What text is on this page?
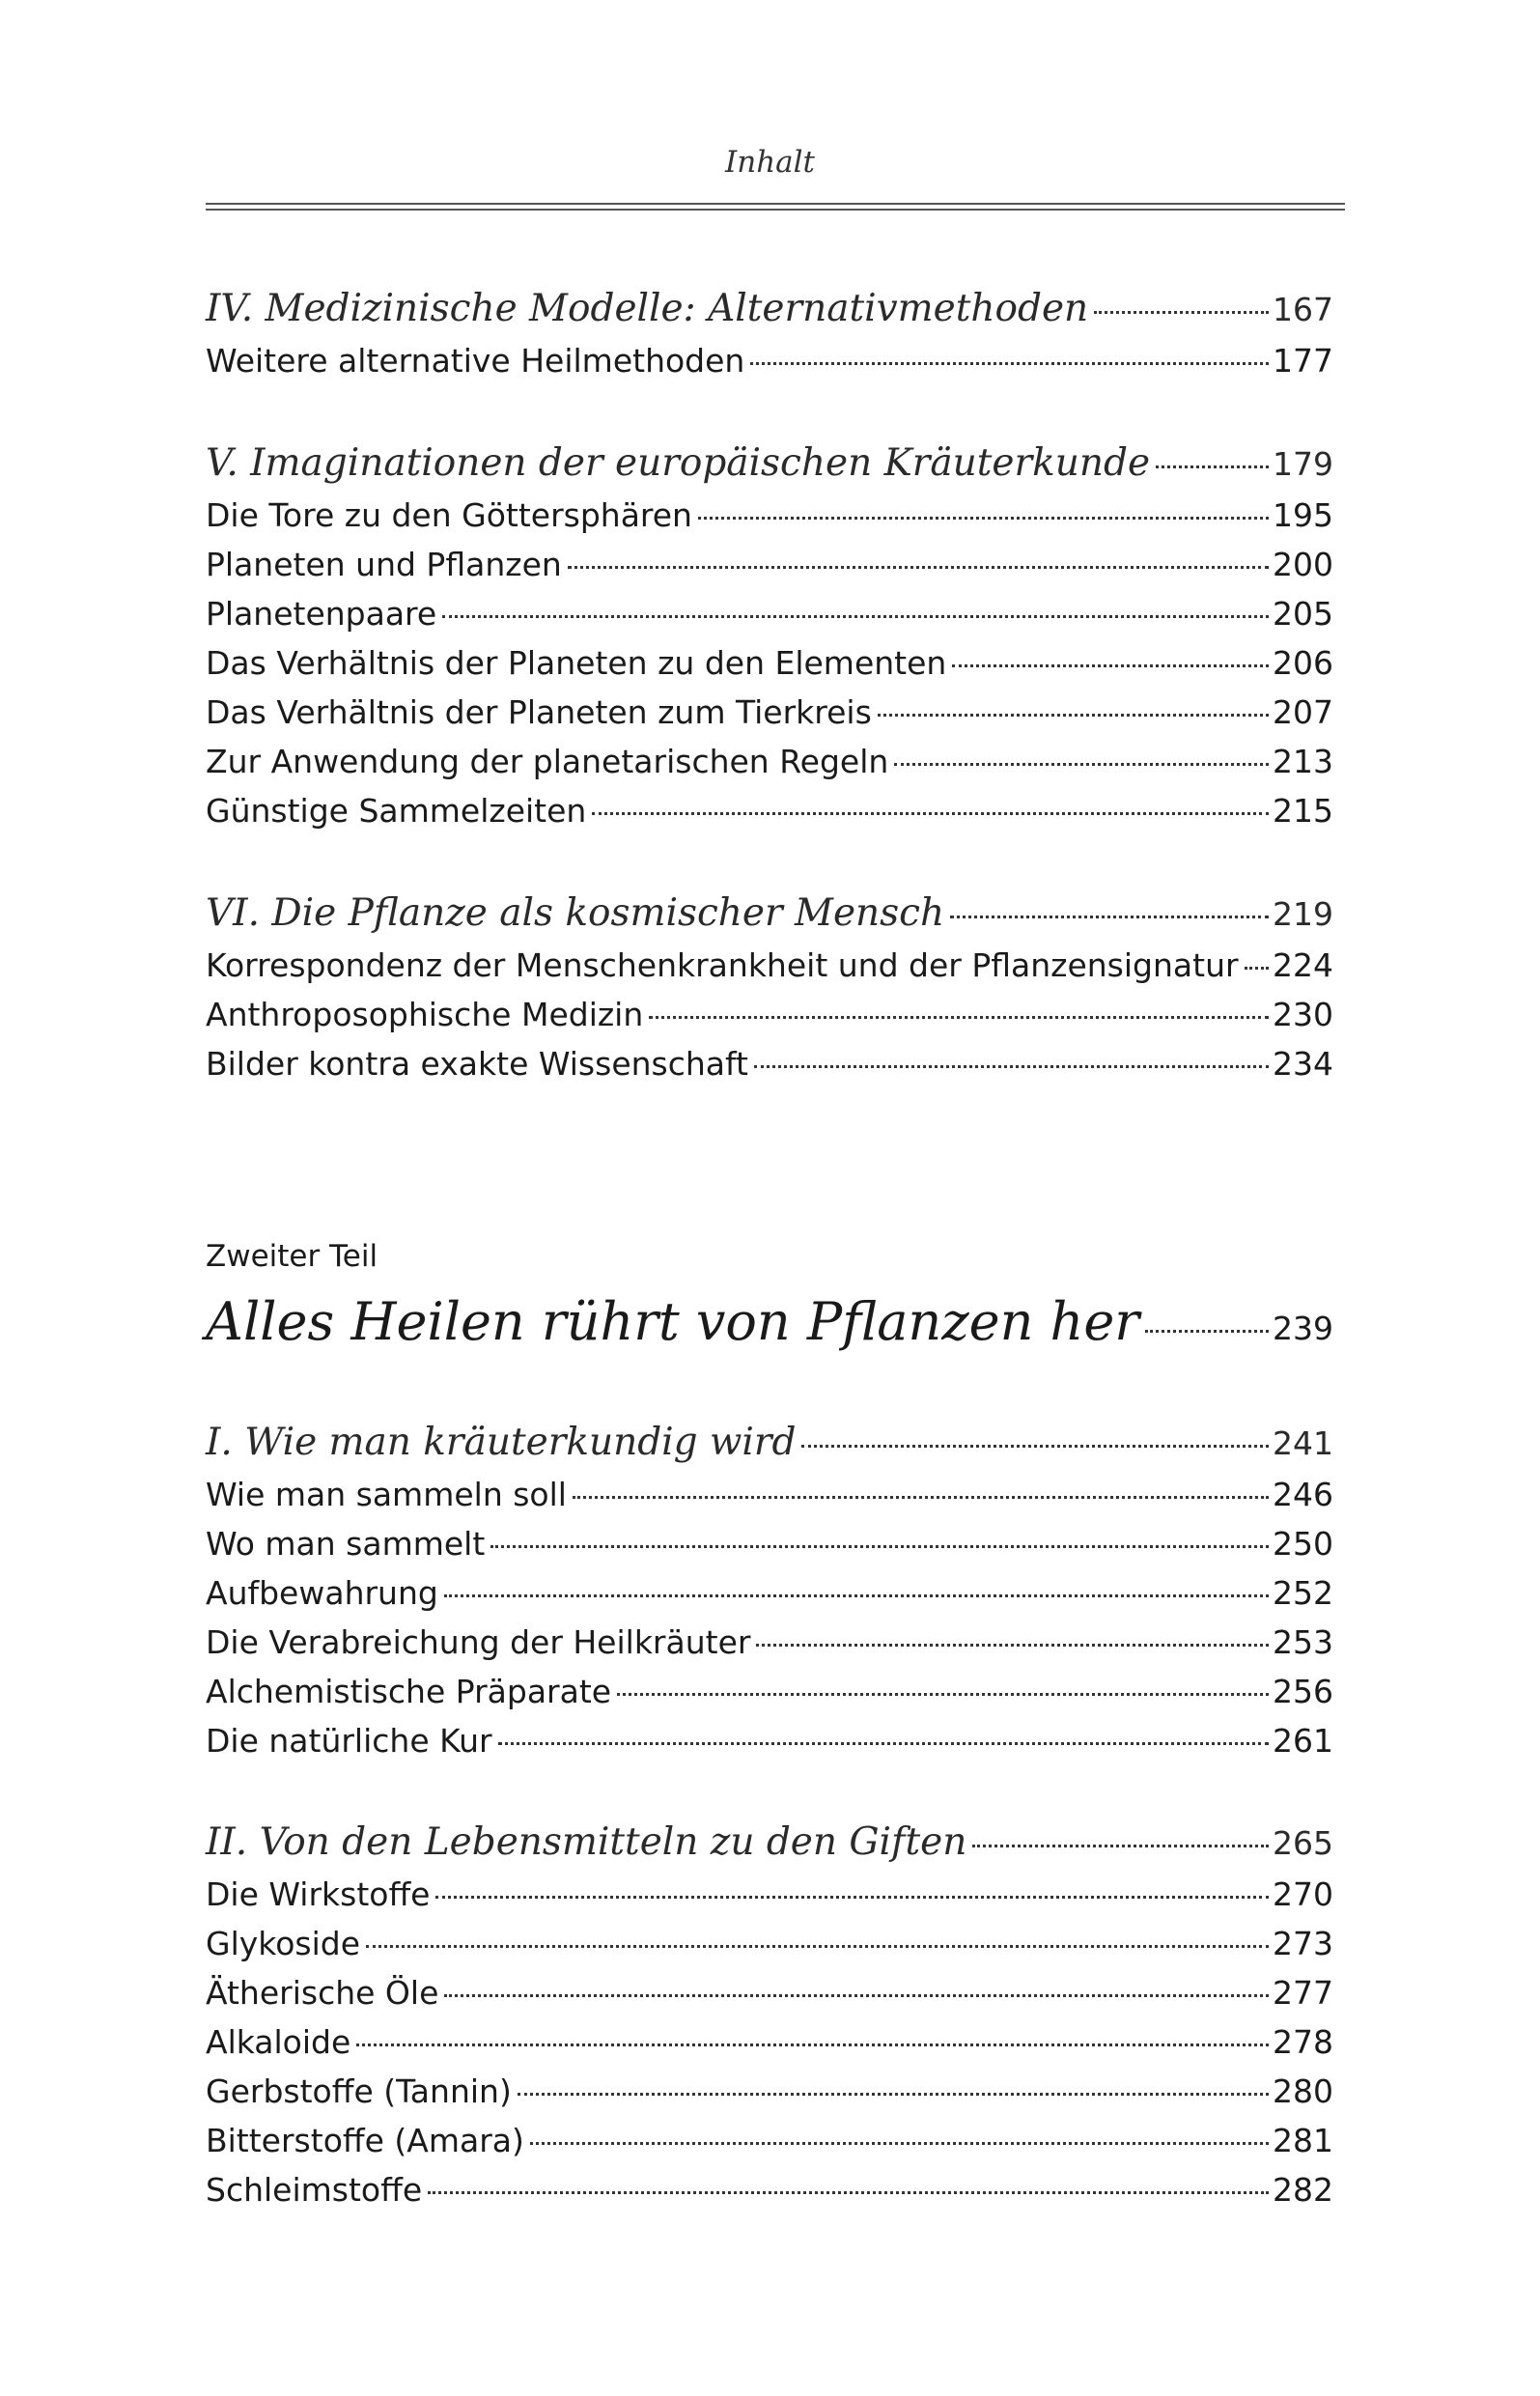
Inhalt
IV. Medizinische Modelle: Alternativmethoden	167
Weitere alternative Heilmethoden	177
V. Imaginationen der europäischen Kräuterkunde	179
Die Tore zu den Göttersphären	195
Planeten und Pflanzen	200
Planetenpaare	205
Das Verhältnis der Planeten zu den Elementen	206
Das Verhältnis der Planeten zum Tierkreis	207
Zur Anwendung der planetarischen Regeln	213
Günstige Sammelzeiten	215
VI. Die Pflanze als kosmischer Mensch	219
Korrespondenz der Menschenkrankheit und der Pflanzensignatur 224
Anthroposophische Medizin	230
Bilder kontra exakte Wissenschaft	234
Zweiter Teil
Alles Heilen rührt von Pflanzen her	239
I. Wie man kräuterkundig wird	241
Wie man sammeln soll	246
Wo man sammelt	250
Aufbewahrung	252
Die Verabreichung der Heilkräuter	253
Alchemistische Präparate	256
Die natürliche Kur	261
II. Von den Lebensmitteln zu den Giften	265
Die Wirkstoffe	270
Glykoside	273
Ätherische Öle	277
Alkaloide	278
Gerbstoffe (Tannin)	280
Bitterstoffe (Amara)	281
Schleimstoffe	282
